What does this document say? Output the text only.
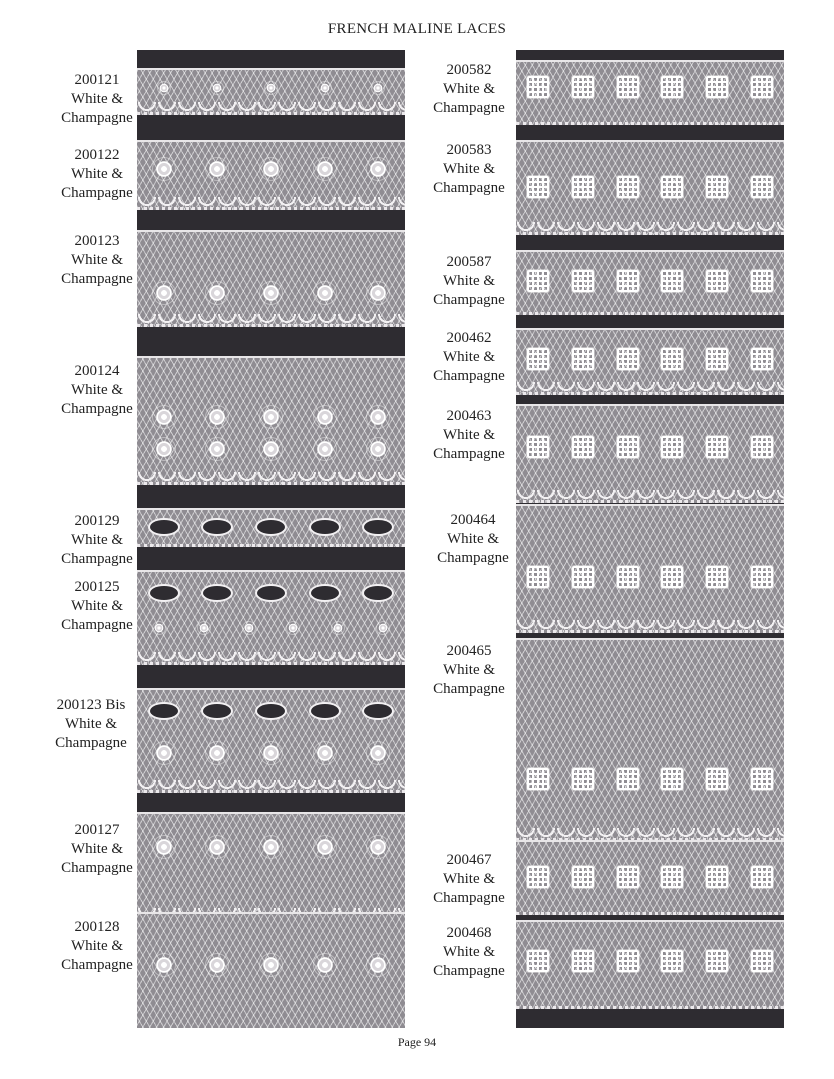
FRENCH MALINE LACES
200121
White &
Champagne
200122
White &
Champagne
200123
White &
Champagne
200124
White &
Champagne
200129
White &
Champagne
200125
White &
Champagne
200123 Bis
White &
Champagne
200127
White &
Champagne
200128
White &
Champagne
200582
White &
Champagne
200583
White &
Champagne
200587
White &
Champagne
200462
White &
Champagne
200463
White &
Champagne
200464
White &
Champagne
200465
White &
Champagne
200467
White &
Champagne
200468
White &
Champagne
Page 94
